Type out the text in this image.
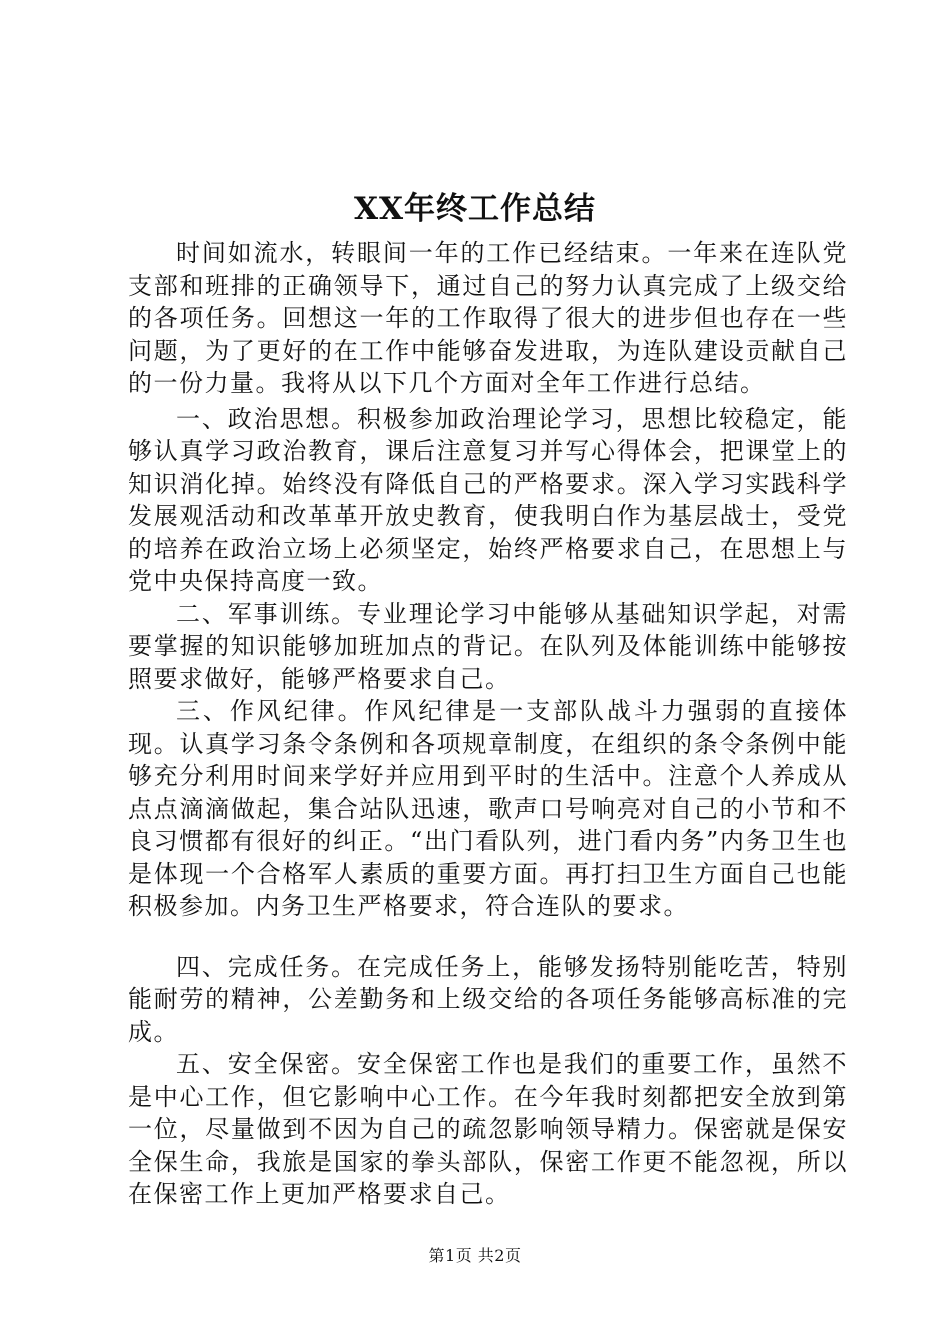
XX年终工作总结

时间如流水，转眼间一年的工作已经结束。一年来在连队党支部和班排的正确领导下，通过自己的努力认真完成了上级交给的各项任务。回想这一年的工作取得了很大的进步但也存在一些问题，为了更好的在工作中能够奋发进取，为连队建设贡献自己的一份力量。我将从以下几个方面对全年工作进行总结。

一、政治思想。积极参加政治理论学习，思想比较稳定，能够认真学习政治教育，课后注意复习并写心得体会，把课堂上的知识消化掉。始终没有降低自己的严格要求。深入学习实践科学发展观活动和改革革开放史教育，使我明白作为基层战士，受党的培养在政治立场上必须坚定，始终严格要求自己，在思想上与党中央保持高度一致。

二、军事训练。专业理论学习中能够从基础知识学起，对需要掌握的知识能够加班加点的背记。在队列及体能训练中能够按照要求做好，能够严格要求自己。

三、作风纪律。作风纪律是一支部队战斗力强弱的直接体现。认真学习条令条例和各项规章制度，在组织的条令条例中能够充分利用时间来学好并应用到平时的生活中。注意个人养成从点点滴滴做起，集合站队迅速，歌声口号响亮对自己的小节和不良习惯都有很好的纠正。“出门看队列，进门看内务”内务卫生也是体现一个合格军人素质的重要方面。再打扫卫生方面自己也能积极参加。内务卫生严格要求，符合连队的要求。

四、完成任务。在完成任务上，能够发扬特别能吃苦，特别能耐劳的精神，公差勤务和上级交给的各项任务能够高标准的完成。

五、安全保密。安全保密工作也是我们的重要工作，虽然不是中心工作，但它影响中心工作。在今年我时刻都把安全放到第一位，尽量做到不因为自己的疏忽影响领导精力。保密就是保安全保生命，我旅是国家的拳头部队，保密工作更不能忽视，所以在保密工作上更加严格要求自己。

第1页 共2页
